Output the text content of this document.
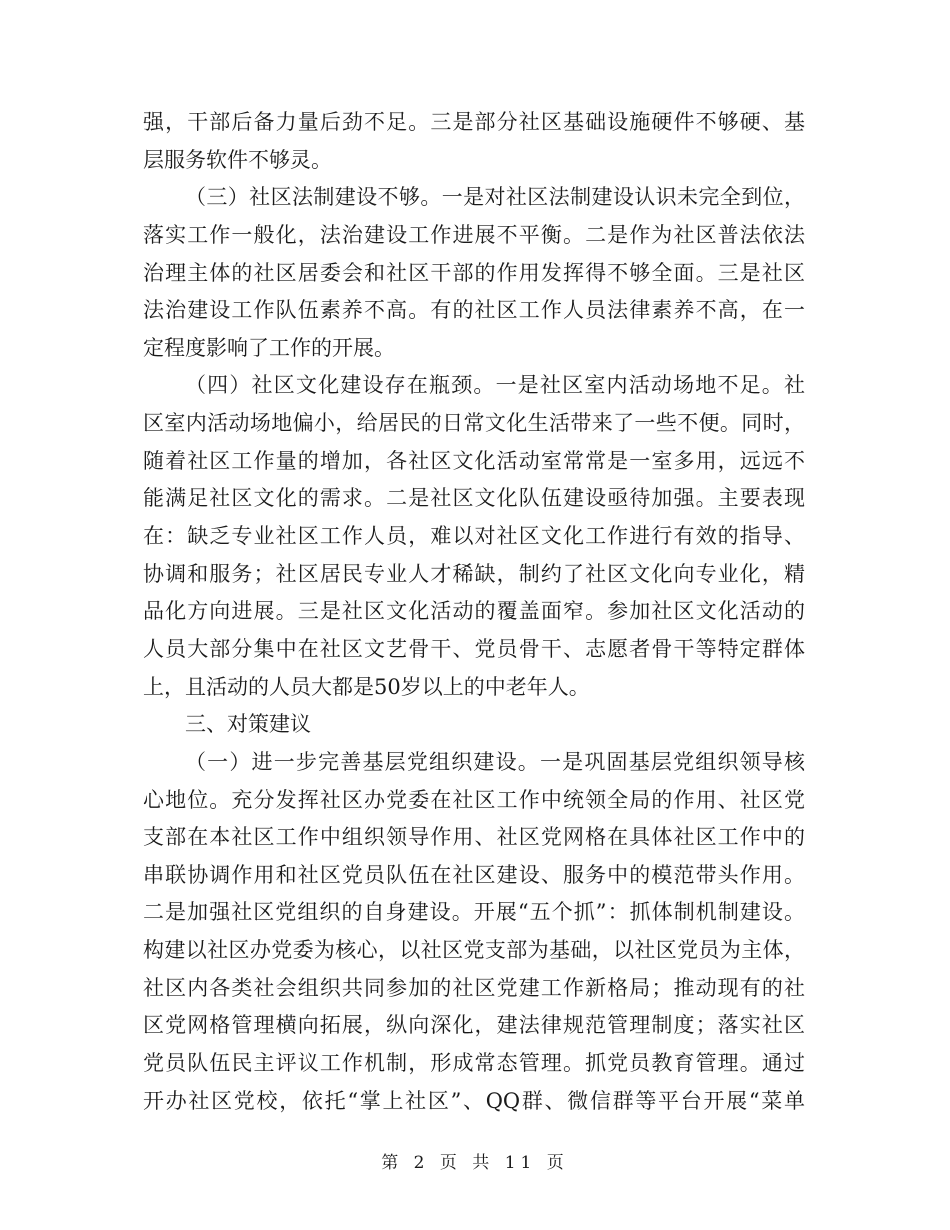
强，干部后备力量后劲不足。三是部分社区基础设施硬件不够硬、基
层服务软件不够灵。
（三）社区法制建设不够。一是对社区法制建设认识未完全到位，
落实工作一般化，法治建设工作进展不平衡。二是作为社区普法依法
治理主体的社区居委会和社区干部的作用发挥得不够全面。三是社区
法治建设工作队伍素养不高。有的社区工作人员法律素养不高，在一
定程度影响了工作的开展。
（四）社区文化建设存在瓶颈。一是社区室内活动场地不足。社
区室内活动场地偏小，给居民的日常文化生活带来了一些不便。同时，
随着社区工作量的增加，各社区文化活动室常常是一室多用，远远不
能满足社区文化的需求。二是社区文化队伍建设亟待加强。主要表现
在：缺乏专业社区工作人员，难以对社区文化工作进行有效的指导、
协调和服务；社区居民专业人才稀缺，制约了社区文化向专业化，精
品化方向进展。三是社区文化活动的覆盖面窄。参加社区文化活动的
人员大部分集中在社区文艺骨干、党员骨干、志愿者骨干等特定群体
上，且活动的人员大都是50岁以上的中老年人。
三、对策建议
（一）进一步完善基层党组织建设。一是巩固基层党组织领导核
心地位。充分发挥社区办党委在社区工作中统领全局的作用、社区党
支部在本社区工作中组织领导作用、社区党网格在具体社区工作中的
串联协调作用和社区党员队伍在社区建设、服务中的模范带头作用。
二是加强社区党组织的自身建设。开展“五个抓”：抓体制机制建设。
构建以社区办党委为核心，以社区党支部为基础，以社区党员为主体，
社区内各类社会组织共同参加的社区党建工作新格局；推动现有的社
区党网格管理横向拓展，纵向深化，建法律规范管理制度；落实社区
党员队伍民主评议工作机制，形成常态管理。抓党员教育管理。通过
开办社区党校，依托“掌上社区”、QQ群、微信群等平台开展“菜单
第 2 页 共 11 页
